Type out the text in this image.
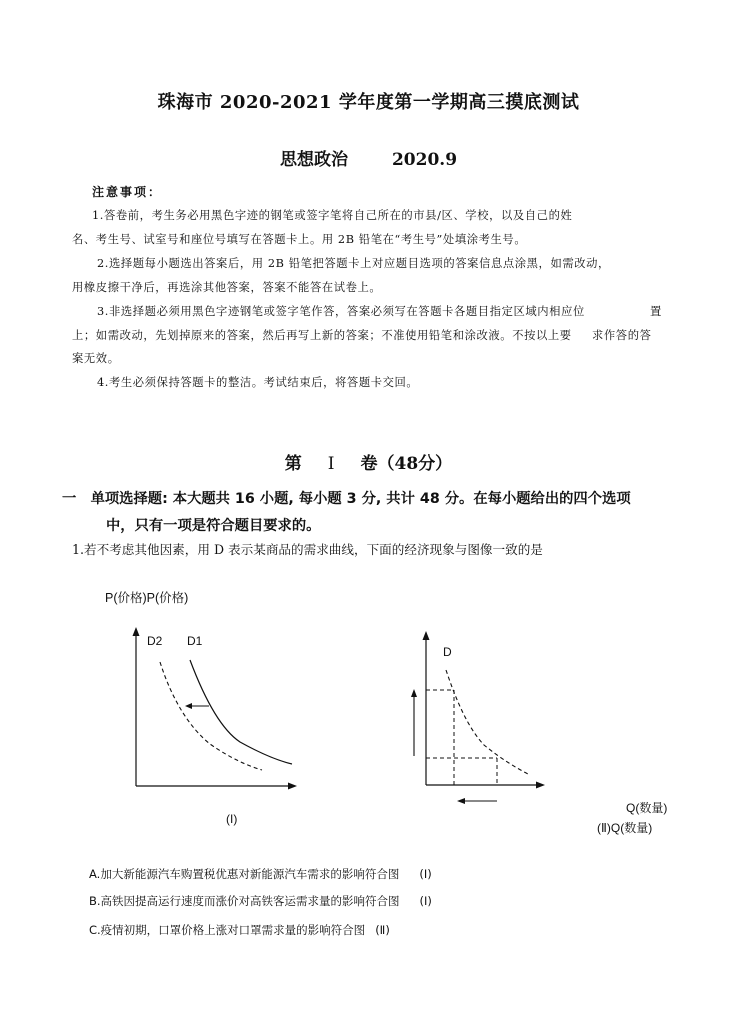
珠海市 2020-2021 学年度第一学期高三摸底测试
思想政治	2020.9
注意事项：
1.答卷前，考生务必用黑色字迹的钢笔或签字笔将自己所在的市县/区、学校，以及自己的姓
名、考生号、试室号和座位号填写在答题卡上。用 2B 铅笔在“考生号”处填涂考生号。
2.选择题每小题选出答案后，用 2B 铅笔把答题卡上对应题目选项的答案信息点涂黑，如需改动，
用橡皮擦干净后，再选涂其他答案，答案不能答在试卷上。
3.非选择题必须用黑色字迹钢笔或签字笔作答，答案必须写在答题卡各题目指定区域内相应位	置
上；如需改动，先划掉原来的答案，然后再写上新的答案；不准使用铅笔和涂改液。不按以上要 求作答的答
案无效。
4.考生必须保持答题卡的整洁。考试结束后，将答题卡交回。
第 I 卷（48分）
一　单项选择题: 本大题共 16 小题, 每小题 3 分, 共计 48 分。在每小题给出的四个选项
中，只有一项是符合题目要求的。
1.若不考虑其他因素，用 D 表示某商品的需求曲线，下面的经济现象与图像一致的是
P(价格)P(价格)
D2 D1
(I)
D
Q(数量)
(Ⅱ)Q(数量)
A.加大新能源汽车购置税优惠对新能源汽车需求的影响符合图 (I)
B.高铁因提高运行速度而涨价对高铁客运需求量的影响符合图 (I)
C.疫情初期，口罩价格上涨对口罩需求量的影响符合图 (Ⅱ)
